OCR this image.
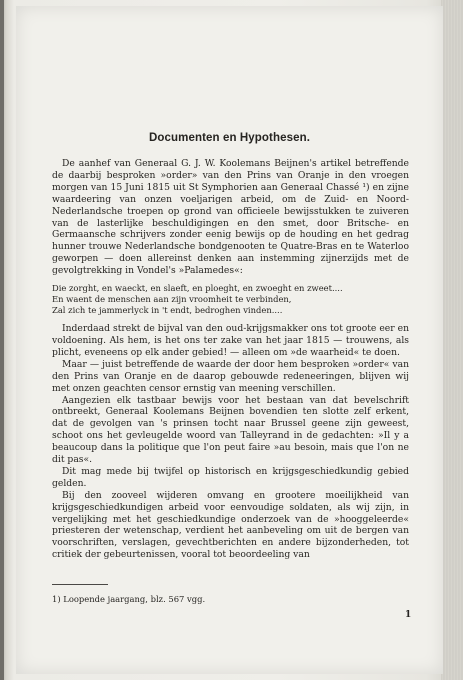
Documenten en Hypothesen.

De aanhef van Generaal G. J. W. Koolemans Beijnen's artikel betreffende de daarbij besproken »order» van den Prins van Oranje in den vroegen morgen van 15 Juni 1815 uit St Symphorien aan Generaal Chassé ¹) en zijne waardeering van onzen voeljarigen arbeid, om de Zuid- en Noord-Nederlandsche troepen op grond van officieele bewijsstukken te zuiveren van de lasterlijke beschuldigingen en den smet, door Britsche- en Germaansche schrijvers zonder eenig bewijs op de houding en het gedrag hunner trouwe Nederlandsche bondgenooten te Quatre-Bras en te Waterloo geworpen — doen allereinst denken aan instemming zijnerzijds met de gevolgtrekking in Vondel's »Palamedes«:

Die zorght, en waeckt, en slaeft, en ploeght, en zwoeght en zweet....
En waent de menschen aan zijn vroomheit te verbinden,
Zal zich te jammerlyck in 't endt, bedroghen vinden....

Inderdaad strekt de bijval van den oud-krijgsmakker ons tot groote eer en voldoening. Als hem, is het ons ter zake van het jaar 1815 — trouwens, als plicht, eveneens op elk ander gebied! — alleen om »de waarheid« te doen.

Maar — juist betreffende de waarde der door hem besproken »order« van den Prins van Oranje en de daarop gebouwde redeneeringen, blijven wij met onzen geachten censor ernstig van meening verschillen.

Aangezien elk tastbaar bewijs voor het bestaan van dat bevelschrift ontbreekt, Generaal Koolemans Beijnen bovendien ten slotte zelf erkent, dat de gevolgen van 's prinsen tocht naar Brussel geene zijn geweest, schoot ons het gevleugelde woord van Talleyrand in de gedachten: »Il y a beaucoup dans la politique que l'on peut faire »au besoin, mais que l'on ne dit pas«.

Dit mag mede bij twijfel op historisch en krijgsgeschiedkundig gebied gelden.

Bij den zooveel wijderen omvang en grootere moeilijkheid van krijgsgeschiedkundigen arbeid voor eenvoudige soldaten, als wij zijn, in vergelijking met het geschiedkundige onderzoek van de »hooggeleerde« priesteren der wetenschap, verdient het aanbeveling om uit de bergen van voorschriften, verslagen, gevechtberichten en andere bijzonderheden, tot critiek der gebeurtenissen, vooral tot beoordeeling van

1) Loopende jaargang, blz. 567 vgg.
1
